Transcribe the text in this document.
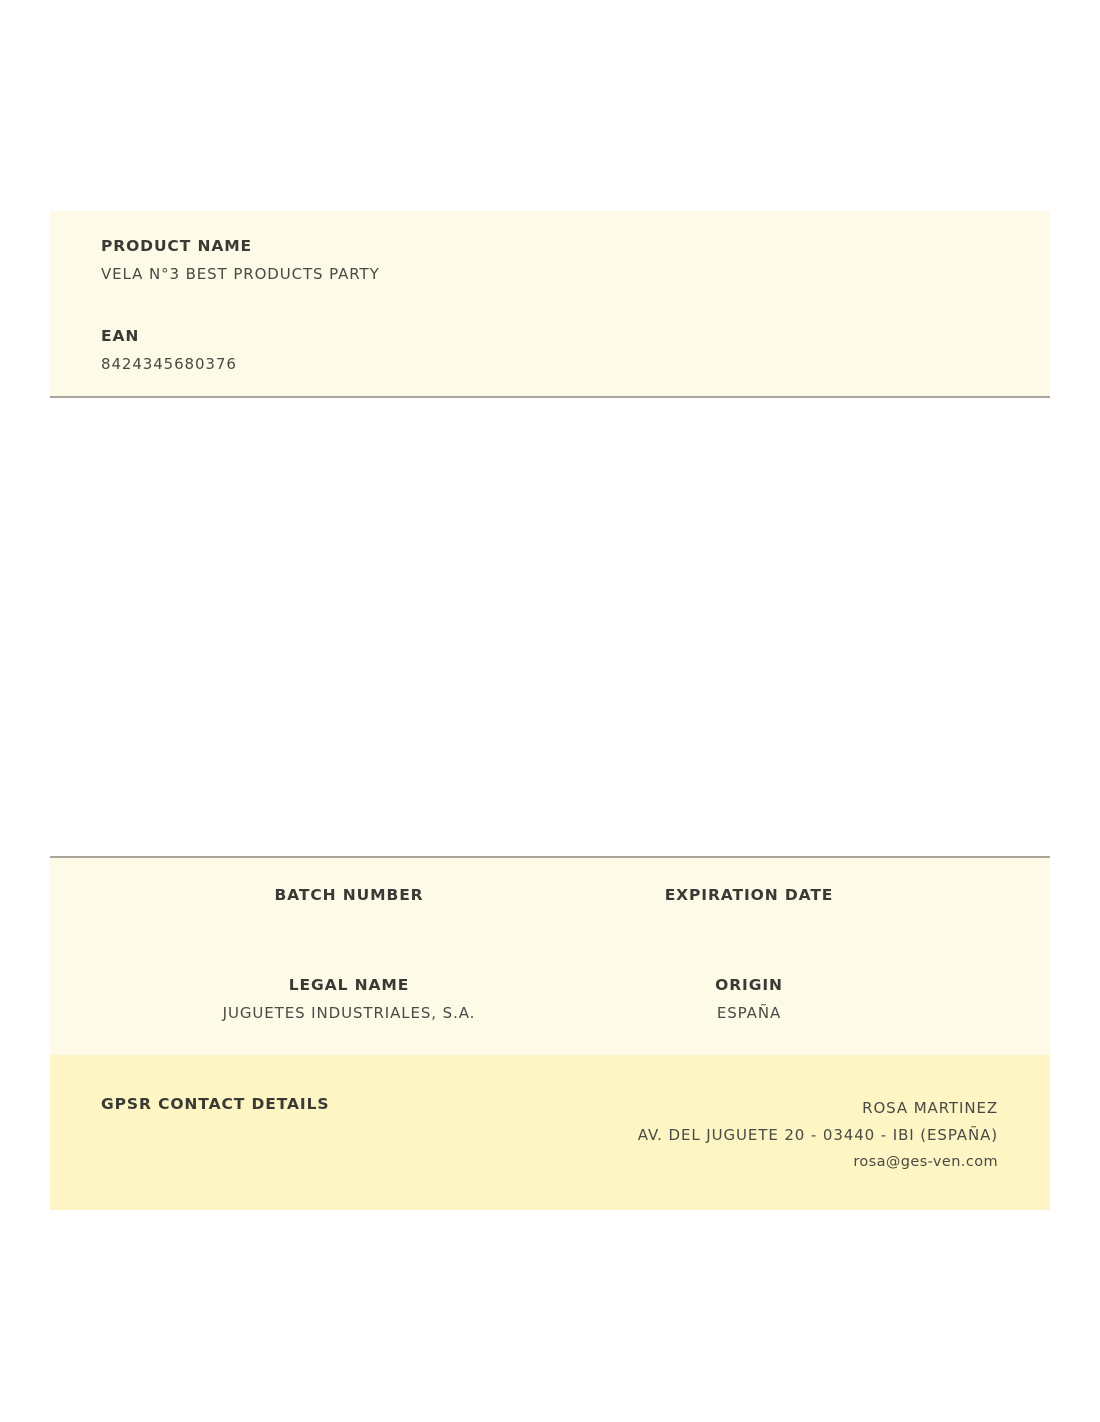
PRODUCT NAME
VELA N°3 BEST PRODUCTS PARTY
EAN
8424345680376
BATCH NUMBER	EXPIRATION DATE
LEGAL NAME
JUGUETES INDUSTRIALES, S.A.
ORIGIN
ESPAÑA
GPSR CONTACT DETAILS	ROSA MARTINEZ
AV. DEL JUGUETE 20 - 03440 - IBI (ESPAÑA)
rosa@ges-ven.com
